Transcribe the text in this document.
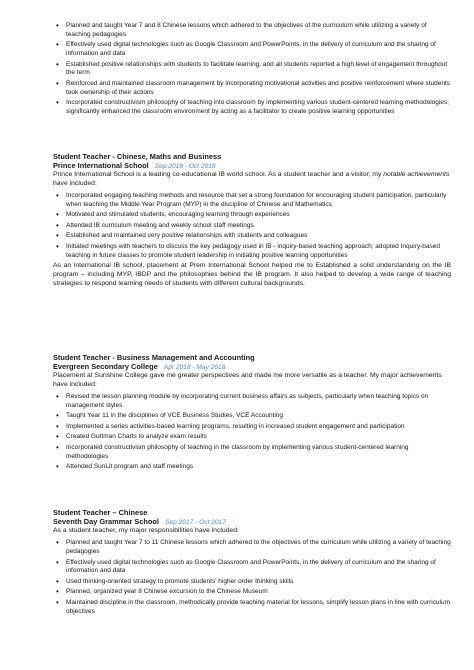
• Planned and taught Year 7 and 8 Chinese lessons which adhered to the objectives of the curriculum while utilizing a variety of teaching pedagogies
• Effectively used digital technologies such as Google Classroom and PowerPoints, in the delivery of curriculum and the sharing of information and data
• Established positive relationships with students to facilitate learning, and all students reported a high level of engagement throughout the term
• Reinforced and maintained classroom management by incorporating motivational activities and positive reinforcement where students took ownership of their actions
• Incorporated constructivism philosophy of teaching into classroom by implementing various student-centered learning methodologies; significantly enhanced the classroom environment by acting as a facilitator to create positive learning opportunities
Student Teacher - Chinese, Maths and Business
Prince International School Sep 2018 - Oct 2018

Prince International School is a leading co-educational IB world school. As a student teacher and a visitor, my notable achievements have included:

• Incorporated engaging teaching methods and resource that set a strong foundation for encouraging student participation, particularly when teaching the Middle Year Program (MYP) in the discipline of Chinese and Mathematics
• Motivated and stimulated students, encouraging learning through experiences
• Attended IB curriculum meeting and weekly school staff meetings
• Established and maintained very positive relationships with students and colleagues
• Initiated meetings with teachers to discuss the key pedagogy used in IB - inquiry-based teaching approach; adopted Inquiry-based teaching in future classes to promote student leadership in initiating positive learning opportunities

As an international IB school, placement at Prem International School helped me to Established a solid understanding on the IB program – including MYP, IBDP and the philosophies behind the IB program. It also helped to develop a wide range of teaching strategies to respond learning needs of students with different cultural backgrounds.

Student Teacher - Business Management and Accounting
Evergreen Secondary College Apr 2018 - May 2018

Placement at Sunshine College gave me greater perspectives and made me more versatile as a teacher. My major achievements have included:

• Revised the lesson planning module by incorporating current business affairs as subjects, particularly when teaching topics on management styles
• Taught Year 11 in the disciplines of VCE Business Studies, VCE Accounting
• Implemented a series activities-based learning programs, resulting in increased student engagement and participation
• Created Guttman Charts to analyze exam results
• Incorporated constructivism philosophy of teaching in the classroom by implementing various student-centered learning methodologies
• Attended SunLit program and staff meetings
Student Teacher – Chinese
Seventh Day Grammar School Sep 2017 - Oct 2017

As a student teacher, my major responsibilities have included:

• Planned and taught Year 7 to 11 Chinese lessons which adhered to the objectives of the curriculum while utilizing a variety of teaching pedagogies
• Effectively used digital technologies such as Google Classroom and PowerPoints, in the delivery of curriculum and the sharing of information and data
• Used thinking-oriented strategy to promote students' higher order thinking skills
• Planned, organized year 8 Chinese excursion to the Chinese Museum
• Maintained discipline in the classroom, methodically provide teaching material for lessons, simplify lesson plans in line with curriculum objectives
